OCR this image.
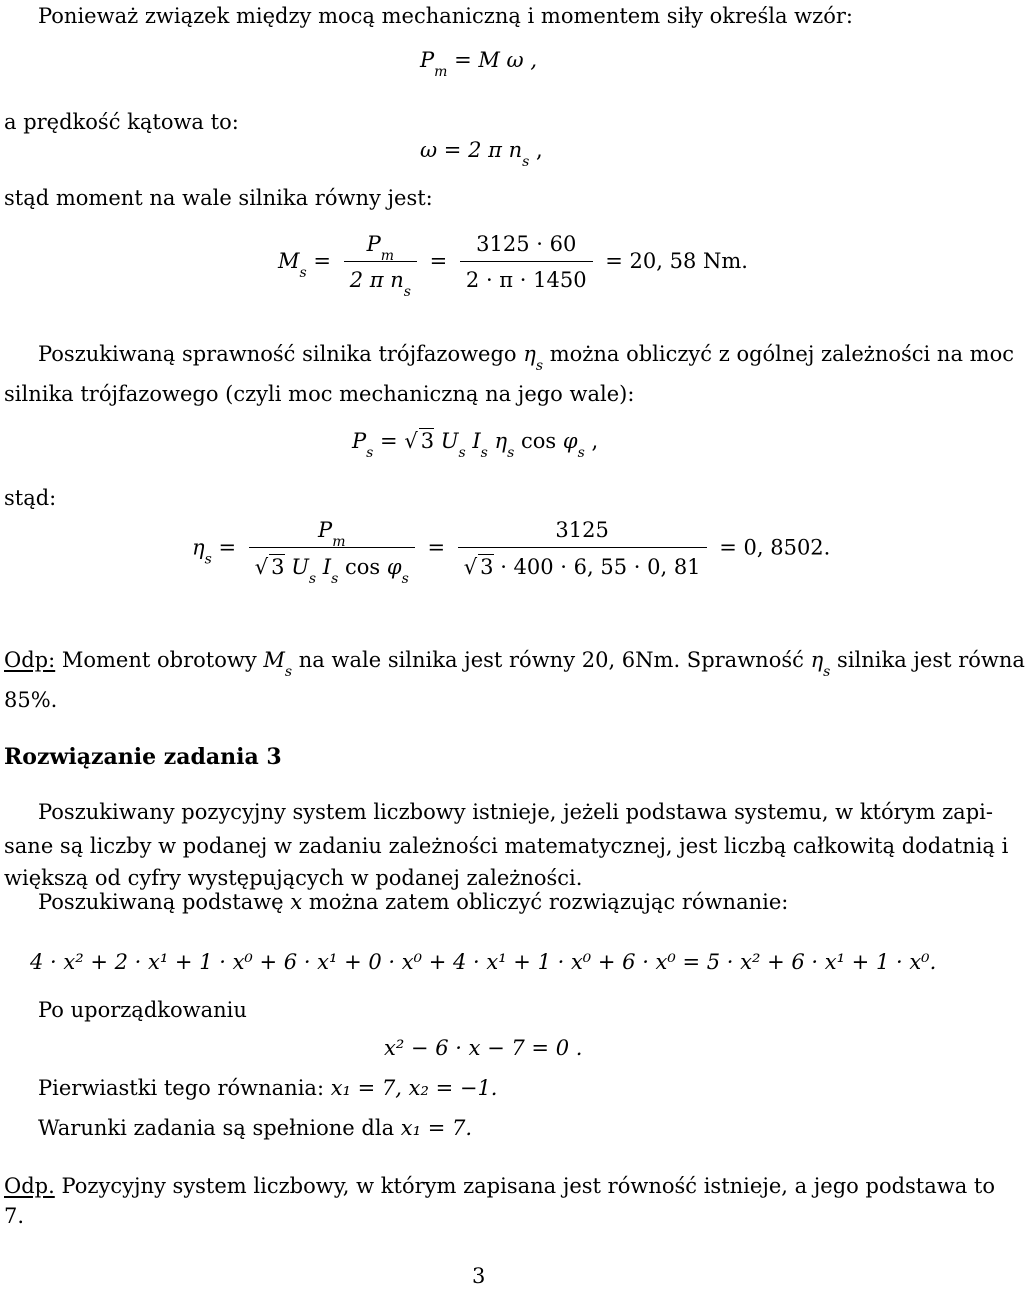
Ponieważ związek między mocą mechaniczną i momentem siły określa wzór:
$P_m = M$ ω ,
a prędkość kątowa to:
ω = 2 π $n_s$ ,
stąd moment na wale silnika równy jest:
$M_s = \frac{P_m}{2 \pi n_s} = \frac{3125 \cdot 60}{2 \cdot \pi \cdot 1450} = 20$, 58 Nm.
Poszukiwaną sprawność silnika trójfazowego $\eta_s$ można obliczyć z ogólnej zależności na moc
silnika trójfazowego (czyli moc mechaniczną na jego wale):
$P_s$ = √ 3 $U_s$ $I_s$ $\eta_s$ $\cos \varphi_s$ ,
stąd:
$\eta_s = \frac{P_m}{√ 3 U_s I_s \cos \varphi_s} = \frac{3125}{√ 3 \cdot 400 \cdot 6, 55 \cdot 0, 81} = 0$, 8502.
Odp: Moment obrotowy $M_s$ na wale silnika jest równy 20, 6Nm. Sprawność $\eta_s$ silnika jest równa
85%.
Rozwiązanie zadania 3
Poszukiwany pozycyjny system liczbowy istnieje, jeżeli podstawa systemu, w którym zapi-
sane są liczby w podanej w zadaniu zależności matematycznej, jest liczbą całkowitą dodatnią i
większą od cyfry występujących w podanej zależności.
Poszukiwaną podstawę x można zatem obliczyć rozwiązując równanie:
4 · x² + 2 · x¹ + 1 · x⁰ + 6 · x¹ + 0 · x⁰ + 4 · x¹ + 1 · x⁰ + 6 · x⁰ = 5 · x² + 6 · x¹ + 1 · x⁰.
Po uporządkowaniu
x² − 6 · x − 7 = 0 .
Pierwiastki tego równania: x₁ = 7, x₂ = −1.
Warunki zadania są spełnione dla x₁ = 7.
Odp. Pozycyjny system liczbowy, w którym zapisana jest równość istnieje, a jego podstawa to
7.
3
